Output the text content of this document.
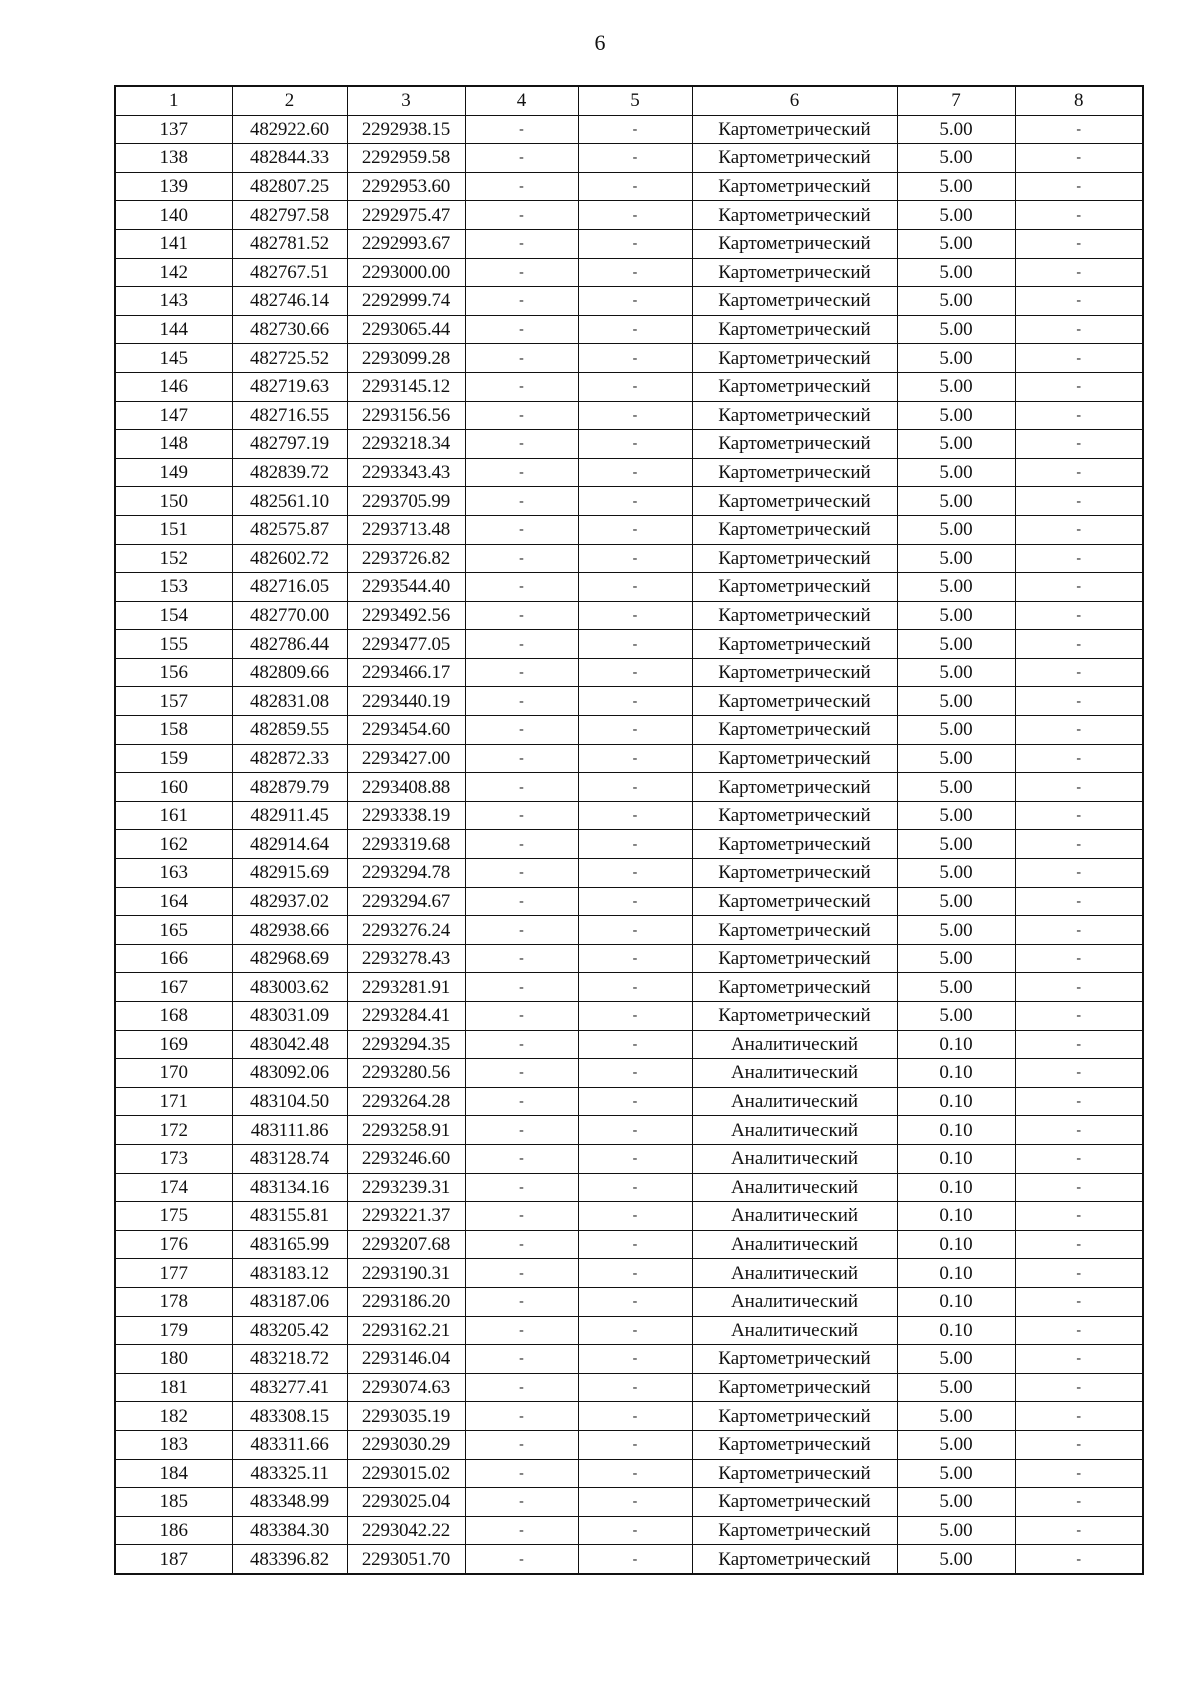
6
1	2	3	4	5	6	7	8
137	482922.60	2292938.15	-	-	Картометрический	5.00	-
138	482844.33	2292959.58	-	-	Картометрический	5.00	-
139	482807.25	2292953.60	-	-	Картометрический	5.00	-
140	482797.58	2292975.47	-	-	Картометрический	5.00	-
141	482781.52	2292993.67	-	-	Картометрический	5.00	-
142	482767.51	2293000.00	-	-	Картометрический	5.00	-
143	482746.14	2292999.74	-	-	Картометрический	5.00	-
144	482730.66	2293065.44	-	-	Картометрический	5.00	-
145	482725.52	2293099.28	-	-	Картометрический	5.00	-
146	482719.63	2293145.12	-	-	Картометрический	5.00	-
147	482716.55	2293156.56	-	-	Картометрический	5.00	-
148	482797.19	2293218.34	-	-	Картометрический	5.00	-
149	482839.72	2293343.43	-	-	Картометрический	5.00	-
150	482561.10	2293705.99	-	-	Картометрический	5.00	-
151	482575.87	2293713.48	-	-	Картометрический	5.00	-
152	482602.72	2293726.82	-	-	Картометрический	5.00	-
153	482716.05	2293544.40	-	-	Картометрический	5.00	-
154	482770.00	2293492.56	-	-	Картометрический	5.00	-
155	482786.44	2293477.05	-	-	Картометрический	5.00	-
156	482809.66	2293466.17	-	-	Картометрический	5.00	-
157	482831.08	2293440.19	-	-	Картометрический	5.00	-
158	482859.55	2293454.60	-	-	Картометрический	5.00	-
159	482872.33	2293427.00	-	-	Картометрический	5.00	-
160	482879.79	2293408.88	-	-	Картометрический	5.00	-
161	482911.45	2293338.19	-	-	Картометрический	5.00	-
162	482914.64	2293319.68	-	-	Картометрический	5.00	-
163	482915.69	2293294.78	-	-	Картометрический	5.00	-
164	482937.02	2293294.67	-	-	Картометрический	5.00	-
165	482938.66	2293276.24	-	-	Картометрический	5.00	-
166	482968.69	2293278.43	-	-	Картометрический	5.00	-
167	483003.62	2293281.91	-	-	Картометрический	5.00	-
168	483031.09	2293284.41	-	-	Картометрический	5.00	-
169	483042.48	2293294.35	-	-	Аналитический	0.10	-
170	483092.06	2293280.56	-	-	Аналитический	0.10	-
171	483104.50	2293264.28	-	-	Аналитический	0.10	-
172	483111.86	2293258.91	-	-	Аналитический	0.10	-
173	483128.74	2293246.60	-	-	Аналитический	0.10	-
174	483134.16	2293239.31	-	-	Аналитический	0.10	-
175	483155.81	2293221.37	-	-	Аналитический	0.10	-
176	483165.99	2293207.68	-	-	Аналитический	0.10	-
177	483183.12	2293190.31	-	-	Аналитический	0.10	-
178	483187.06	2293186.20	-	-	Аналитический	0.10	-
179	483205.42	2293162.21	-	-	Аналитический	0.10	-
180	483218.72	2293146.04	-	-	Картометрический	5.00	-
181	483277.41	2293074.63	-	-	Картометрический	5.00	-
182	483308.15	2293035.19	-	-	Картометрический	5.00	-
183	483311.66	2293030.29	-	-	Картометрический	5.00	-
184	483325.11	2293015.02	-	-	Картометрический	5.00	-
185	483348.99	2293025.04	-	-	Картометрический	5.00	-
186	483384.30	2293042.22	-	-	Картометрический	5.00	-
187	483396.82	2293051.70	-	-	Картометрический	5.00	-
